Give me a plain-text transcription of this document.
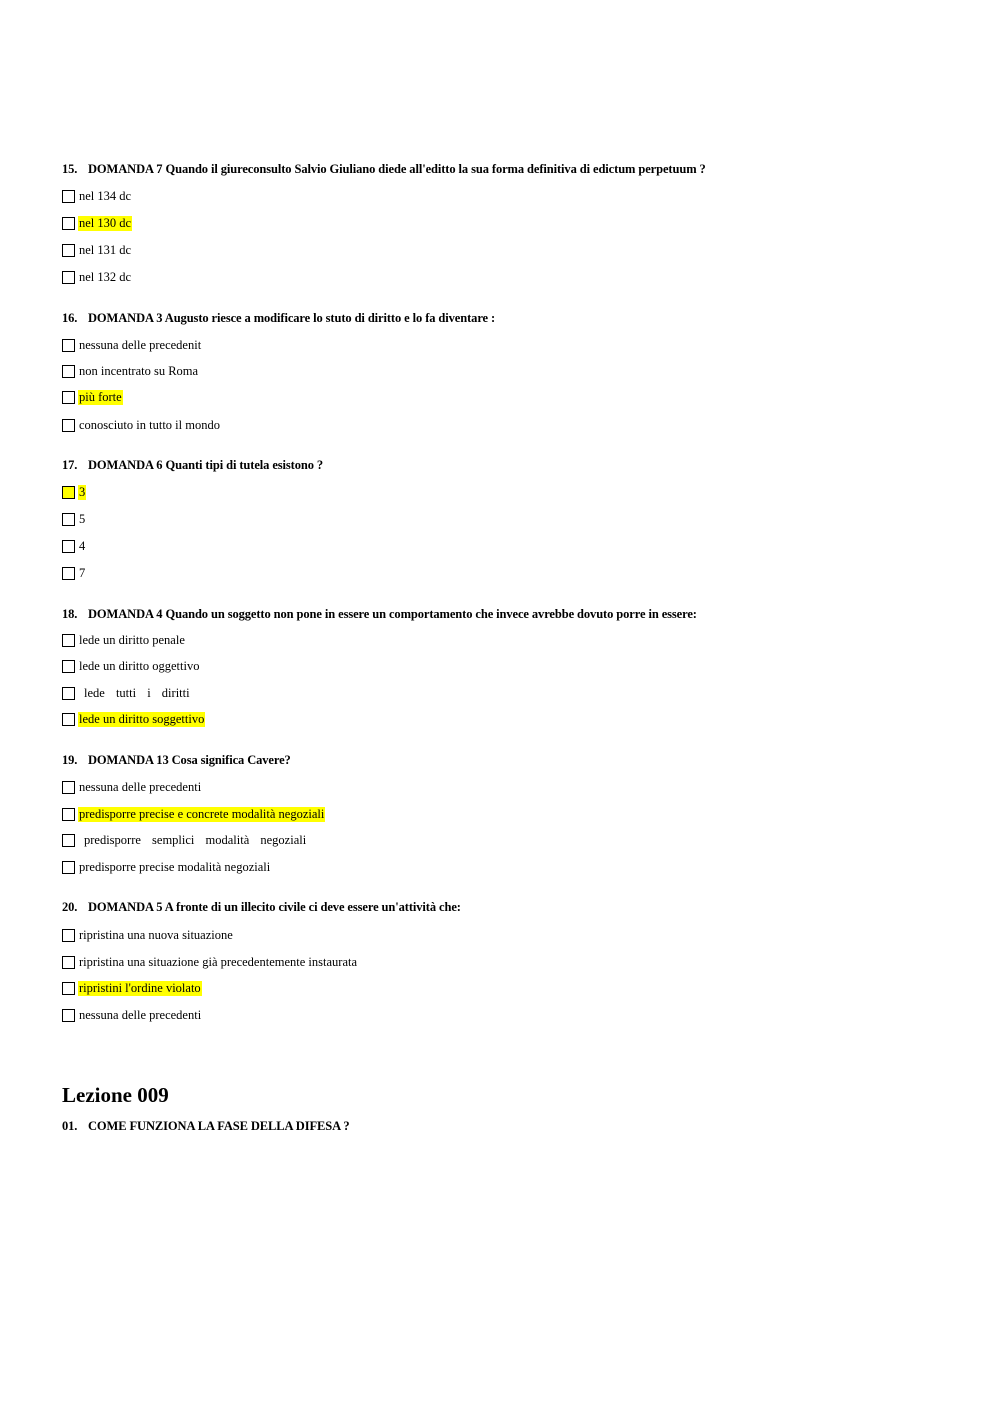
15. DOMANDA 7 Quando il giureconsulto Salvio Giuliano diede all'editto la sua forma definitiva di edictum perpetuum ?
nel 134 dc
nel 130 dc
nel 131 dc
nel 132 dc
16. DOMANDA 3 Augusto riesce a modificare lo stuto di diritto e lo fa diventare :
nessuna delle precedenit
non incentrato su Roma
più forte
conosciuto in tutto il mondo
17. DOMANDA 6 Quanti tipi di tutela esistono ?
3
5
4
7
18. DOMANDA 4 Quando un soggetto non pone in essere un comportamento che invece avrebbe dovuto porre in essere:
lede un diritto penale
lede un diritto oggettivo
lede tutti i diritti
lede un diritto soggettivo
19. DOMANDA 13 Cosa significa Cavere?
nessuna delle precedenti
predisporre precise e concrete modalità negoziali
predisporre semplici modalità negoziali
predisporre precise modalità negoziali
20. DOMANDA 5 A fronte di un illecito civile ci deve essere un'attività che:
ripristina una nuova situazione
ripristina una situazione già precedentemente instaurata
ripristini l'ordine violato
nessuna delle precedenti
Lezione 009
01. COME FUNZIONA LA FASE DELLA DIFESA ?
